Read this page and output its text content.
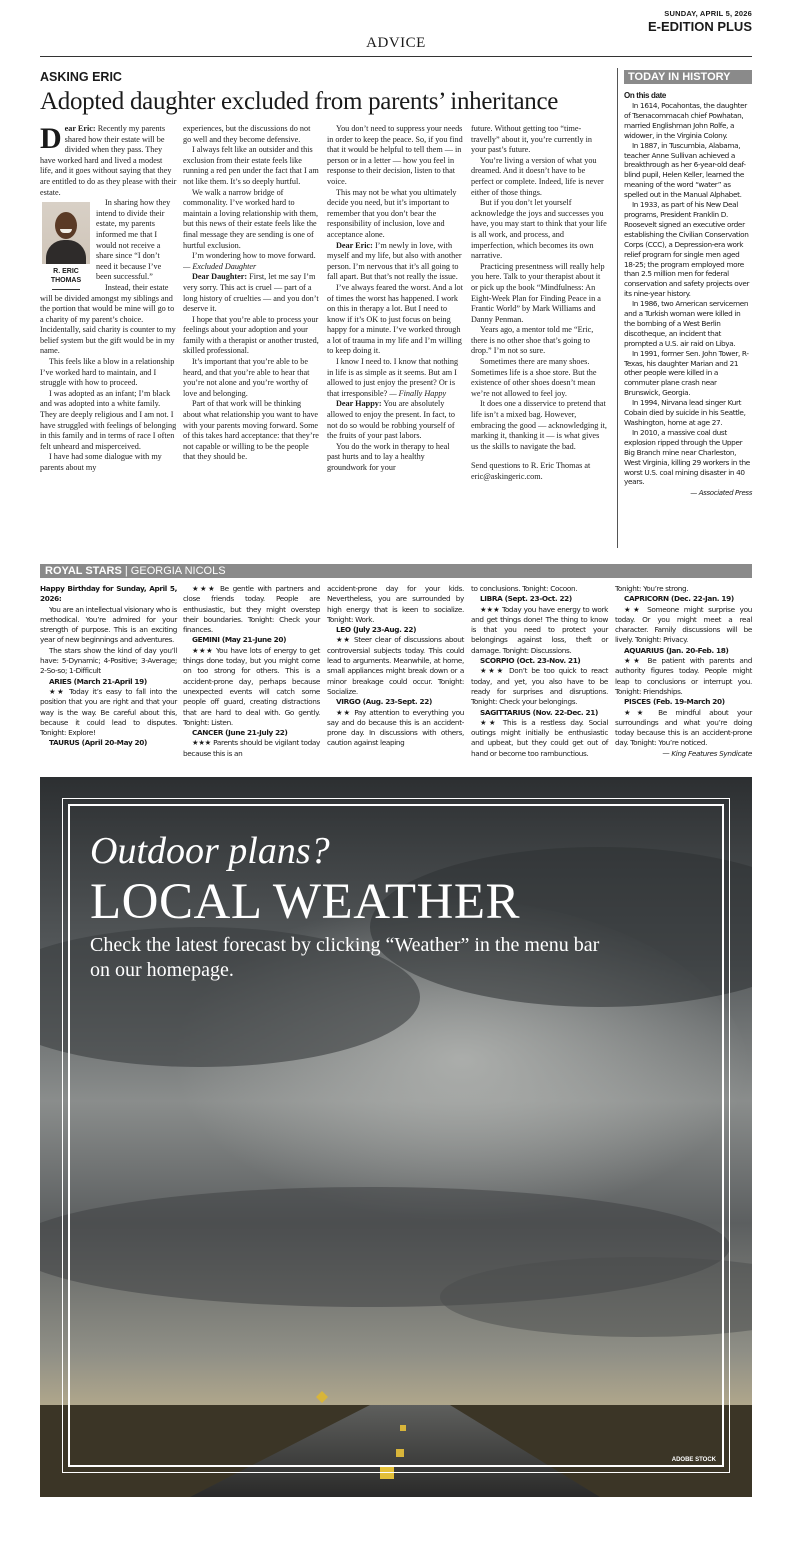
SUNDAY, APRIL 5, 2026
E-EDITION PLUS
ADVICE
ASKING ERIC
Adopted daughter excluded from parents’ inheritance

Dear Eric: Recently my parents shared how their estate will be divided when they pass. They have worked hard and lived a modest life, and it goes without saying that they are entitled to do as they please with their estate.

R. ERIC THOMAS

In sharing how they intend to divide their estate, my parents informed me that I would not receive a share since “I don’t need it because I’ve been successful.”

Instead, their estate will be divided amongst my siblings and the portion that would be mine will go to a charity of my parent’s choice. Incidentally, said charity is counter to my belief system but the gift would be in my name.

This feels like a blow in a relationship I’ve worked hard to maintain, and I struggle with how to proceed.

I was adopted as an infant; I’m black and was adopted into a white family. They are deeply religious and I am not. I have struggled with feelings of belonging in this family and in terms of race I often felt unheard and misperceived.

I have had some dialogue with my parents about my

experiences, but the discussions do not go well and they become defensive.

I always felt like an outsider and this exclusion from their estate feels like running a red pen under the fact that I am not like them. It’s so deeply hurtful.

We walk a narrow bridge of commonality. I’ve worked hard to maintain a loving relationship with them, but this news of their estate feels like the final message they are sending is one of hurtful exclusion.

I’m wondering how to move forward. — Excluded Daughter

Dear Daughter: First, let me say I’m very sorry. This act is cruel — part of a long history of cruelties — and you don’t deserve it.

I hope that you’re able to process your feelings about your adoption and your family with a therapist or another trusted, skilled professional.

It’s important that you’re able to be heard, and that you’re able to hear that you’re not alone and you’re worthy of love and belonging.

Part of that work will be thinking about what relationship you want to have with your parents moving forward. Some of this takes hard acceptance: that they’re not capable or willing to be the people that they should be.

You don’t need to suppress your needs in order to keep the peace. So, if you find that it would be helpful to tell them — in person or in a letter — how you feel in response to their decision, listen to that voice.

This may not be what you ultimately decide you need, but it’s important to remember that you don’t bear the responsibility of inclusion, love and acceptance alone.

Dear Eric: I’m newly in love, with myself and my life, but also with another person. I’m nervous that it’s all going to fall apart. But that’s not really the issue.

I’ve always feared the worst. And a lot of times the worst has happened. I work on this in therapy a lot. But I need to know if it’s OK to just focus on being happy for a minute. I’ve worked through a lot of trauma in my life and I’m willing to keep doing it.

I know I need to. I know that nothing in life is as simple as it seems. But am I allowed to just enjoy the present? Or is that irresponsible? — Finally Happy

Dear Happy: You are absolutely allowed to enjoy the present. In fact, to not do so would be robbing yourself of the fruits of your past labors.

You do the work in therapy to heal past hurts and to lay a healthy groundwork for your

future. Without getting too “time-travelly” about it, you’re currently in your past’s future.

You’re living a version of what you dreamed. And it doesn’t have to be perfect or complete. Indeed, life is never either of those things.

But if you don’t let yourself acknowledge the joys and successes you have, you may start to think that your life is all work, and process, and imperfection, which becomes its own narrative.

Practicing presentness will really help you here. Talk to your therapist about it or pick up the book “Mindfulness: An Eight-Week Plan for Finding Peace in a Frantic World” by Mark Williams and Danny Penman.

Years ago, a mentor told me “Eric, there is no other shoe that’s going to drop.” I’m not so sure.

Sometimes there are many shoes. Sometimes life is a shoe store. But the existence of other shoes doesn’t mean we’re not allowed to feel joy.

It does one a disservice to pretend that life isn’t a mixed bag. However, embracing the good — acknowledging it, marking it, thanking it — is what gives us the skills to navigate the bad.

Send questions to R. Eric Thomas at eric@askingeric.com.

TODAY IN HISTORY
On this date

In 1614, Pocahontas, the daughter of Tsenacommacah chief Powhatan, married Englishman John Rolfe, a widower, in the Virginia Colony.

In 1887, in Tuscumbia, Alabama, teacher Anne Sullivan achieved a breakthrough as her 6-year-old deaf-blind pupil, Helen Keller, learned the meaning of the word “water” as spelled out in the Manual Alphabet.

In 1933, as part of his New Deal programs, President Franklin D. Roosevelt signed an executive order establishing the Civilian Conservation Corps (CCC), a Depression-era work relief program for single men aged 18-25; the program employed more than 2.5 million men for federal conservation and safety projects over its nine-year history.

In 1986, two American servicemen and a Turkish woman were killed in the bombing of a West Berlin discotheque, an incident that prompted a U.S. air raid on Libya.

In 1991, former Sen. John Tower, R-Texas, his daughter Marian and 21 other people were killed in a commuter plane crash near Brunswick, Georgia.

In 1994, Nirvana lead singer Kurt Cobain died by suicide in his Seattle, Washington, home at age 27.

In 2010, a massive coal dust explosion ripped through the Upper Big Branch mine near Charleston, West Virginia, killing 29 workers in the worst U.S. coal mining disaster in 40 years.

— Associated Press
ROYAL STARS | GEORGIA NICOLS

Happy Birthday for Sunday, April 5, 2026:

You are an intellectual visionary who is methodical. You’re admired for your strength of purpose. This is an exciting year of new beginnings and adventures.

The stars show the kind of day you’ll have: 5-Dynamic; 4-Positive; 3-Average; 2-So-so; 1-Difficult

ARIES (March 21-April 19)

★★ Today it’s easy to fall into the position that you are right and that your way is the way. Be careful about this, because it could lead to disputes. Tonight: Explore!

TAURUS (April 20-May 20)

★★★ Be gentle with partners and close friends today. People are enthusiastic, but they might overstep their boundaries. Tonight: Check your finances.

GEMINI (May 21-June 20)

★★★ You have lots of energy to get things done today, but you might come on too strong for others. This is a accident-prone day, perhaps because unexpected events will catch some people off guard, creating distractions that are hard to deal with. Go gently. Tonight: Listen.

CANCER (June 21-July 22)

★★★ Parents should be vigilant today because this is an

accident-prone day for your kids. Nevertheless, you are surrounded by high energy that is keen to socialize. Tonight: Work.

LEO (July 23-Aug. 22)

★★ Steer clear of discussions about controversial subjects today. This could lead to arguments. Meanwhile, at home, small appliances might break down or a minor breakage could occur. Tonight: Socialize.

VIRGO (Aug. 23-Sept. 22)

★★ Pay attention to everything you say and do because this is an accident-prone day. In discussions with others, caution against leaping

to conclusions. Tonight: Cocoon.

LIBRA (Sept. 23-Oct. 22)

★★★ Today you have energy to work and get things done! The thing to know is that you need to protect your belongings against loss, theft or damage. Tonight: Discussions.

SCORPIO (Oct. 23-Nov. 21)

★★★ Don’t be too quick to react today, and yet, you also have to be ready for surprises and disruptions. Tonight: Check your belongings.

SAGITTARIUS (Nov. 22-Dec. 21)

★★ This is a restless day. Social outings might initially be enthusiastic and upbeat, but they could get out of hand or become too rambunctious.

Tonight: You’re strong.

CAPRICORN (Dec. 22-Jan. 19)

★★ Someone might surprise you today. Or you might meet a real character. Family discussions will be lively. Tonight: Privacy.

AQUARIUS (Jan. 20-Feb. 18)

★★ Be patient with parents and authority figures today. People might leap to conclusions or interrupt you. Tonight: Friendships.

PISCES (Feb. 19-March 20)

★★ Be mindful about your surroundings and what you’re doing today because this is an accident-prone day. Tonight: You’re noticed.

— King Features Syndicate

Outdoor plans?
LOCAL WEATHER
Check the latest forecast by clicking “Weather” in the menu bar on our homepage.
ADOBE STOCK
